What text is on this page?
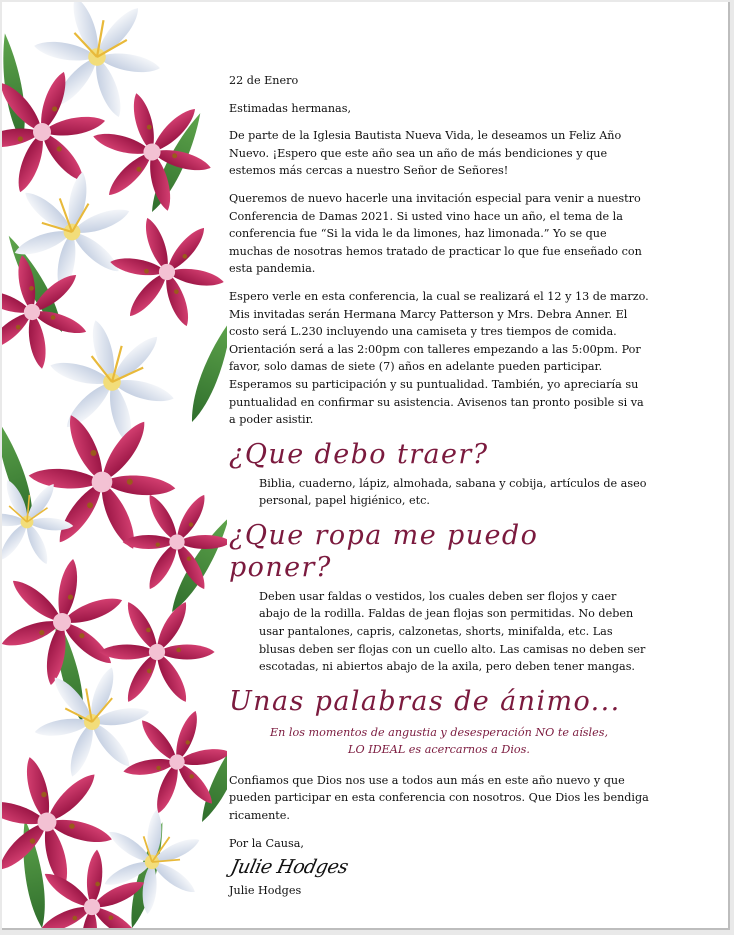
22 de Enero

Estimadas hermanas,

De parte de la Iglesia Bautista Nueva Vida, le deseamos un Feliz Año Nuevo. ¡Espero que este año sea un año de más bendiciones y que estemos más cercas a nuestro Señor de Señores!

Queremos de nuevo hacerle una invitación especial para venir a nuestro Conferencia de Damas 2021. Si usted vino hace un año, el tema de la conferencia fue “Si la vida le da limones, haz limonada.” Yo se que muchas de nosotras hemos tratado de practicar lo que fue enseñado con esta pandemia.

Espero verle en esta conferencia, la cual se realizará el 12 y 13 de marzo. Mis invitadas serán Hermana Marcy Patterson y Mrs. Debra Anner. El costo será L.230 incluyendo una camiseta y tres tiempos de comida. Orientación será a las 2:00pm con talleres empezando a las 5:00pm. Por favor, solo damas de siete (7) años en adelante pueden participar. Esperamos su participación y su puntualidad. También, yo apreciaría su puntualidad en confirmar su asistencia. Avisenos tan pronto posible si va a poder asistir.

¿Que debo traer?

Biblia, cuaderno, lápiz, almohada, sabana y cobija, artículos de aseo personal, papel higiénico, etc.

¿Que ropa me puedo poner?

Deben usar faldas o vestidos, los cuales deben ser flojos y caer abajo de la rodilla. Faldas de jean flojas son permitidas. No deben usar pantalones, capris, calzonetas, shorts, minifalda, etc. Las blusas deben ser flojas con un cuello alto. Las camisas no deben ser escotadas, ni abiertos abajo de la axila, pero deben tener mangas.

Unas palabras de ánimo...
En los momentos de angustia y desesperación NO te aísles,
LO IDEAL es acercarnos a Dios.

Confiamos que Dios nos use a todos aun más en este año nuevo y que pueden participar en esta conferencia con nosotros. Que Dios les bendiga ricamente.

Por la Causa,
Julie Hodges
Julie Hodges
